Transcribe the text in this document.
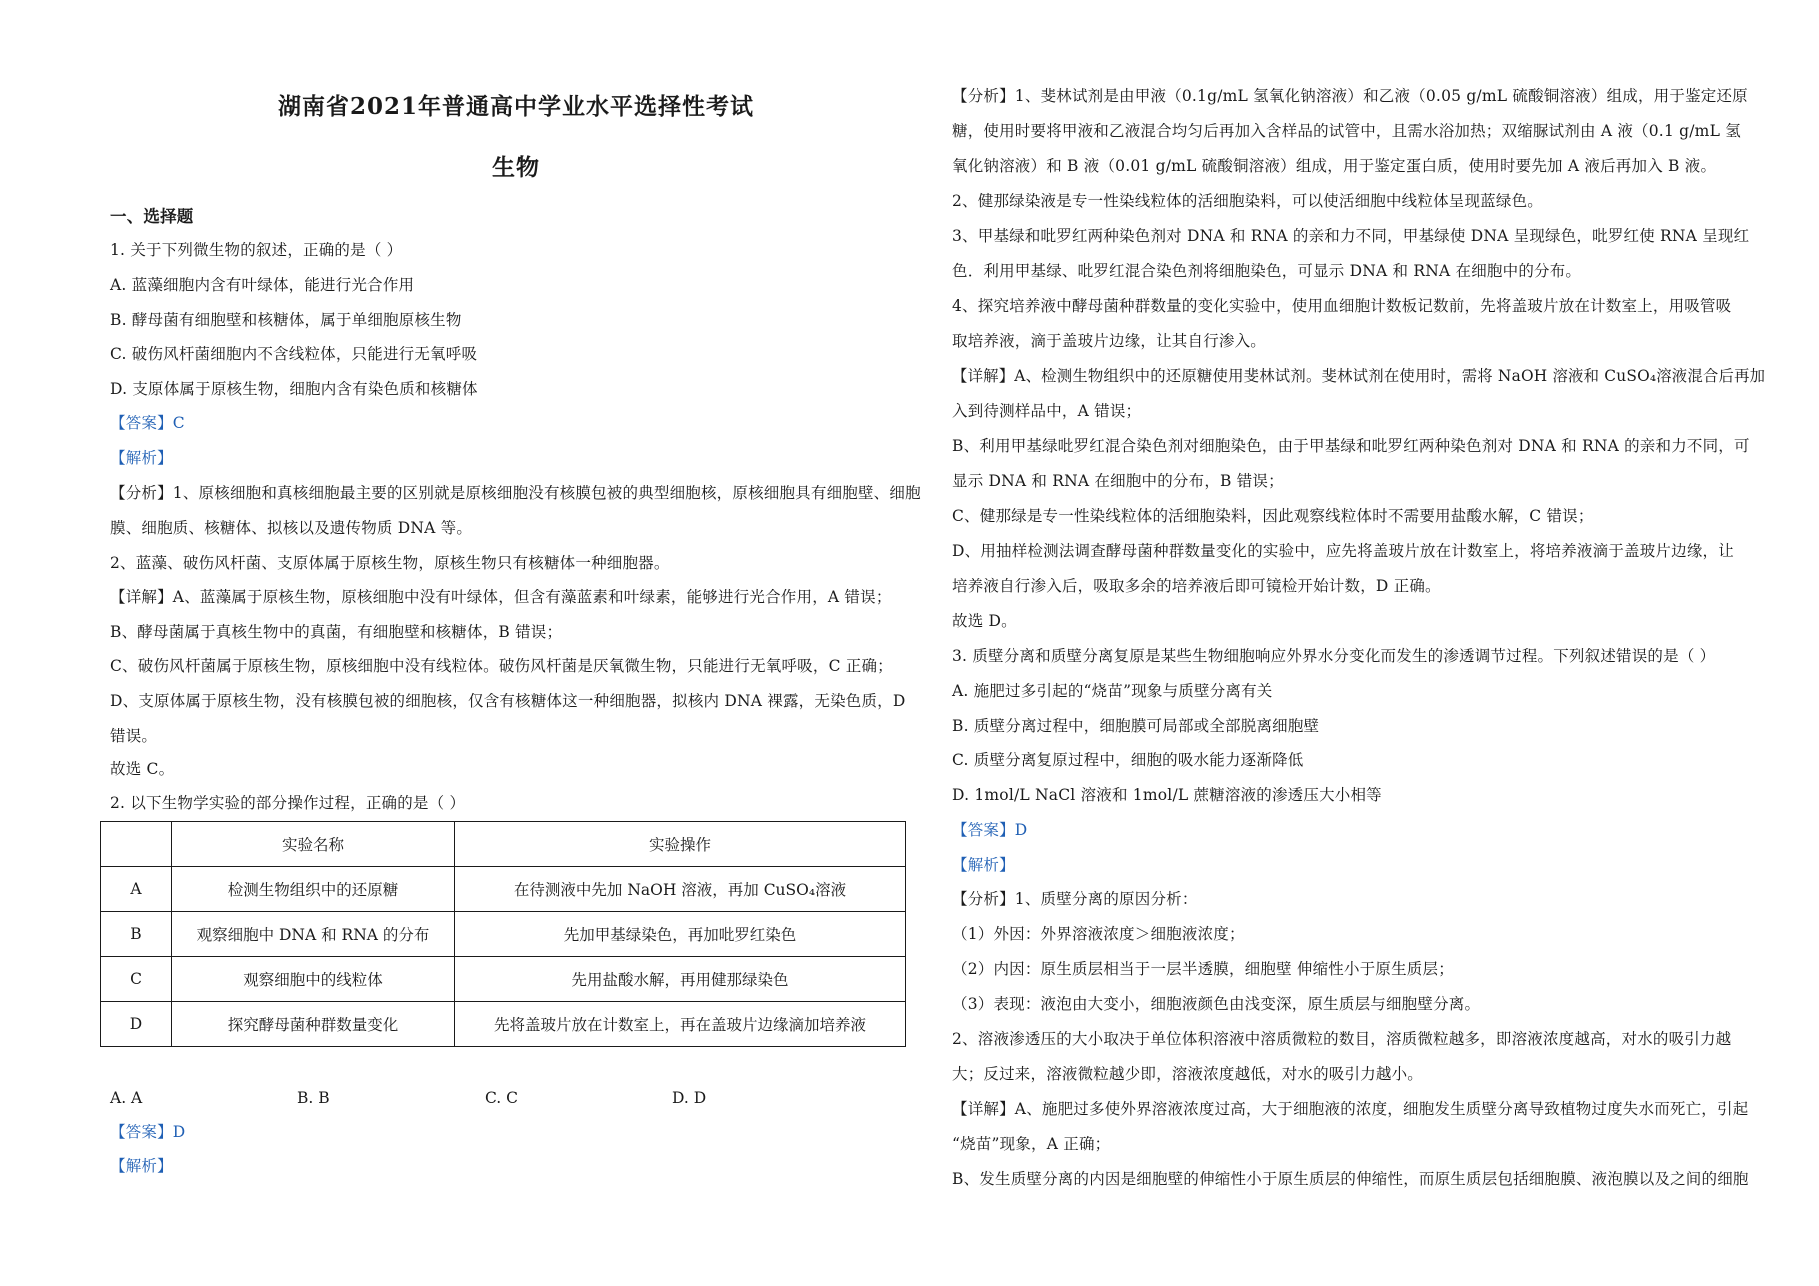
湖南省2021年普通高中学业水平选择性考试
生物
一、选择题
1. 关于下列微生物的叙述，正确的是（ ）
A. 蓝藻细胞内含有叶绿体，能进行光合作用
B. 酵母菌有细胞壁和核糖体，属于单细胞原核生物
C. 破伤风杆菌细胞内不含线粒体，只能进行无氧呼吸
D. 支原体属于原核生物，细胞内含有染色质和核糖体
【答案】C
【解析】
【分析】1、原核细胞和真核细胞最主要的区别就是原核细胞没有核膜包被的典型细胞核，原核细胞具有细胞壁、细胞
膜、细胞质、核糖体、拟核以及遗传物质 DNA 等。
2、蓝藻、破伤风杆菌、支原体属于原核生物，原核生物只有核糖体一种细胞器。
【详解】A、蓝藻属于原核生物，原核细胞中没有叶绿体，但含有藻蓝素和叶绿素，能够进行光合作用，A 错误；
B、酵母菌属于真核生物中的真菌，有细胞壁和核糖体，B 错误；
C、破伤风杆菌属于原核生物，原核细胞中没有线粒体。破伤风杆菌是厌氧微生物，只能进行无氧呼吸，C 正确；
D、支原体属于原核生物，没有核膜包被的细胞核，仅含有核糖体这一种细胞器，拟核内 DNA 裸露，无染色质，D
错误。
故选 C。
2. 以下生物学实验的部分操作过程，正确的是（ ）
	实验名称	实验操作
A	检测生物组织中的还原糖	在待测液中先加 NaOH 溶液，再加 CuSO₄溶液
B	观察细胞中 DNA 和 RNA 的分布	先加甲基绿染色，再加吡罗红染色
C	观察细胞中的线粒体	先用盐酸水解，再用健那绿染色
D	探究酵母菌种群数量变化	先将盖玻片放在计数室上，再在盖玻片边缘滴加培养液
A. A	B. B	C. C	D. D
【答案】D
【解析】
【分析】1、斐林试剂是由甲液（0.1g/mL 氢氧化钠溶液）和乙液（0.05 g/mL 硫酸铜溶液）组成，用于鉴定还原
糖，使用时要将甲液和乙液混合均匀后再加入含样品的试管中，且需水浴加热；双缩脲试剂由 A 液（0.1 g/mL 氢
氧化钠溶液）和 B 液（0.01 g/mL 硫酸铜溶液）组成，用于鉴定蛋白质，使用时要先加 A 液后再加入 B 液。
2、健那绿染液是专一性染线粒体的活细胞染料，可以使活细胞中线粒体呈现蓝绿色。
3、甲基绿和吡罗红两种染色剂对 DNA 和 RNA 的亲和力不同，甲基绿使 DNA 呈现绿色，吡罗红使 RNA 呈现红
色．利用甲基绿、吡罗红混合染色剂将细胞染色，可显示 DNA 和 RNA 在细胞中的分布。
4、探究培养液中酵母菌种群数量的变化实验中，使用血细胞计数板记数前，先将盖玻片放在计数室上，用吸管吸
取培养液，滴于盖玻片边缘，让其自行渗入。
【详解】A、检测生物组织中的还原糖使用斐林试剂。斐林试剂在使用时，需将 NaOH 溶液和 CuSO₄溶液混合后再加
入到待测样品中，A 错误；
B、利用甲基绿吡罗红混合染色剂对细胞染色，由于甲基绿和吡罗红两种染色剂对 DNA 和 RNA 的亲和力不同，可
显示 DNA 和 RNA 在细胞中的分布，B 错误；
C、健那绿是专一性染线粒体的活细胞染料，因此观察线粒体时不需要用盐酸水解，C 错误；
D、用抽样检测法调查酵母菌种群数量变化的实验中，应先将盖玻片放在计数室上，将培养液滴于盖玻片边缘，让
培养液自行渗入后，吸取多余的培养液后即可镜检开始计数，D 正确。
故选 D。
3. 质壁分离和质壁分离复原是某些生物细胞响应外界水分变化而发生的渗透调节过程。下列叙述错误的是（ ）
A. 施肥过多引起的“烧苗”现象与质壁分离有关
B. 质壁分离过程中，细胞膜可局部或全部脱离细胞壁
C. 质壁分离复原过程中，细胞的吸水能力逐渐降低
D. 1mol/L NaCl 溶液和 1mol/L 蔗糖溶液的渗透压大小相等
【答案】D
【解析】
【分析】1、质壁分离的原因分析：
（1）外因：外界溶液浓度＞细胞液浓度；
（2）内因：原生质层相当于一层半透膜，细胞壁 伸缩性小于原生质层；
（3）表现：液泡由大变小，细胞液颜色由浅变深，原生质层与细胞壁分离。
2、溶液渗透压的大小取决于单位体积溶液中溶质微粒的数目，溶质微粒越多，即溶液浓度越高，对水的吸引力越
大；反过来，溶液微粒越少即，溶液浓度越低，对水的吸引力越小。
【详解】A、施肥过多使外界溶液浓度过高，大于细胞液的浓度，细胞发生质壁分离导致植物过度失水而死亡，引起
“烧苗”现象，A 正确；
B、发生质壁分离的内因是细胞壁的伸缩性小于原生质层的伸缩性，而原生质层包括细胞膜、液泡膜以及之间的细胞
